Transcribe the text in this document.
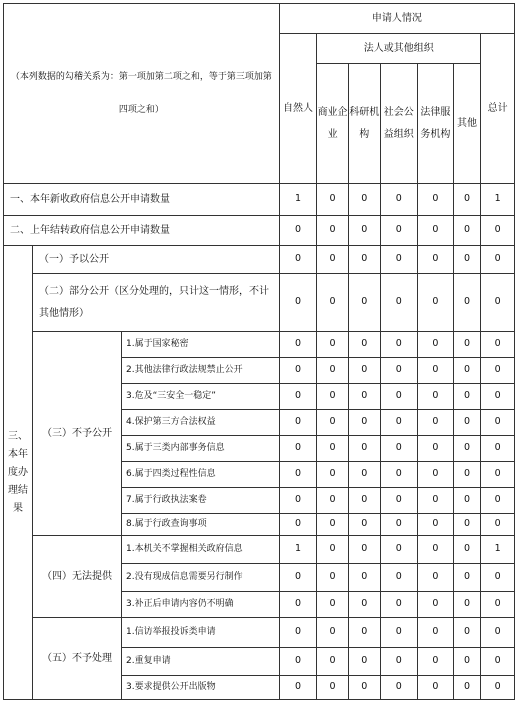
（本列数据的勾稽关系为：第一项加第二项之和，等于第三项加第四项之和）			申请人情况						
			自然人	法人或其他组织					总计
				商业企业	科研机构	社会公益组织	法律服务机构	其他	
一、本年新收政府信息公开申请数量			1	0	0	0	0	0	1
二、上年结转政府信息公开申请数量			0	0	0	0	0	0	0
三、本年度办理结果	（一）予以公开		0	0	0	0	0	0	0
	（二）部分公开（区分处理的，只计这一情形，不计其他情形）		0	0	0	0	0	0	0
	（三）不予公开	1.属于国家秘密	0	0	0	0	0	0	0
		2.其他法律行政法规禁止公开	0	0	0	0	0	0	0
		3.危及“三安全一稳定”	0	0	0	0	0	0	0
		4.保护第三方合法权益	0	0	0	0	0	0	0
		5.属于三类内部事务信息	0	0	0	0	0	0	0
		6.属于四类过程性信息	0	0	0	0	0	0	0
		7.属于行政执法案卷	0	0	0	0	0	0	0
		8.属于行政查询事项	0	0	0	0	0	0	0
	（四）无法提供	1.本机关不掌握相关政府信息	1	0	0	0	0	0	1
		2.没有现成信息需要另行制作	0	0	0	0	0	0	0
		3.补正后申请内容仍不明确	0	0	0	0	0	0	0
	（五）不予处理	1.信访举报投诉类申请	0	0	0	0	0	0	0
		2.重复申请	0	0	0	0	0	0	0
		3.要求提供公开出版物	0	0	0	0	0	0	0
